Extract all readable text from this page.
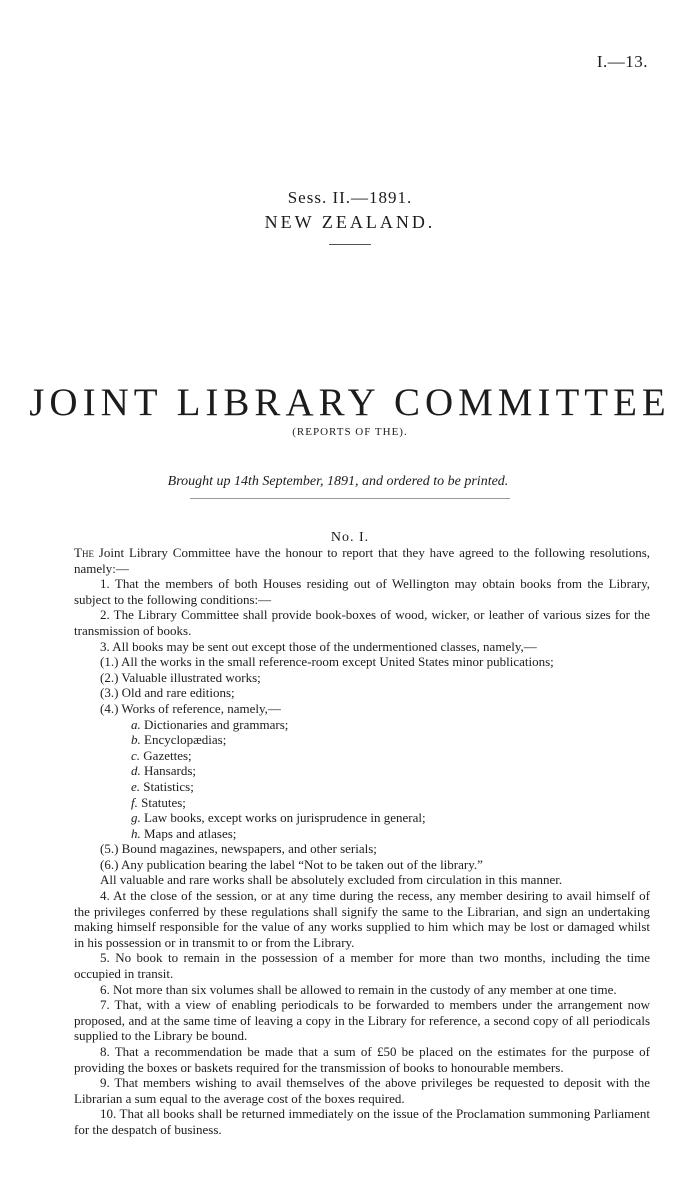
I.—13.
Sess. II.—1891.
NEW ZEALAND.
JOINT LIBRARY COMMITTEE
(REPORTS OF THE).
Brought up 14th September, 1891, and ordered to be printed.
No. I.

The Joint Library Committee have the honour to report that they have agreed to the following resolutions, namely:—

1. That the members of both Houses residing out of Wellington may obtain books from the Library, subject to the following conditions:—

2. The Library Committee shall provide book-boxes of wood, wicker, or leather of various sizes for the transmission of books.

3. All books may be sent out except those of the undermentioned classes, namely,—

(1.) All the works in the small reference-room except United States minor publications;

(2.) Valuable illustrated works;

(3.) Old and rare editions;

(4.) Works of reference, namely,—

a. Dictionaries and grammars;

b. Encyclopædias;

c. Gazettes;

d. Hansards;

e. Statistics;

f. Statutes;

g. Law books, except works on jurisprudence in general;

h. Maps and atlases;

(5.) Bound magazines, newspapers, and other serials;

(6.) Any publication bearing the label “Not to be taken out of the library.”

All valuable and rare works shall be absolutely excluded from circulation in this manner.

4. At the close of the session, or at any time during the recess, any member desiring to avail himself of the privileges conferred by these regulations shall signify the same to the Librarian, and sign an undertaking making himself responsible for the value of any works supplied to him which may be lost or damaged whilst in his possession or in transmit to or from the Library.

5. No book to remain in the possession of a member for more than two months, including the time occupied in transit.

6. Not more than six volumes shall be allowed to remain in the custody of any member at one time.

7. That, with a view of enabling periodicals to be forwarded to members under the arrangement now proposed, and at the same time of leaving a copy in the Library for reference, a second copy of all periodicals supplied to the Library be bound.

8. That a recommendation be made that a sum of £50 be placed on the estimates for the purpose of providing the boxes or baskets required for the transmission of books to honourable members.

9. That members wishing to avail themselves of the above privileges be requested to deposit with the Librarian a sum equal to the average cost of the boxes required.

10. That all books shall be returned immediately on the issue of the Proclamation summoning Parliament for the despatch of business.
